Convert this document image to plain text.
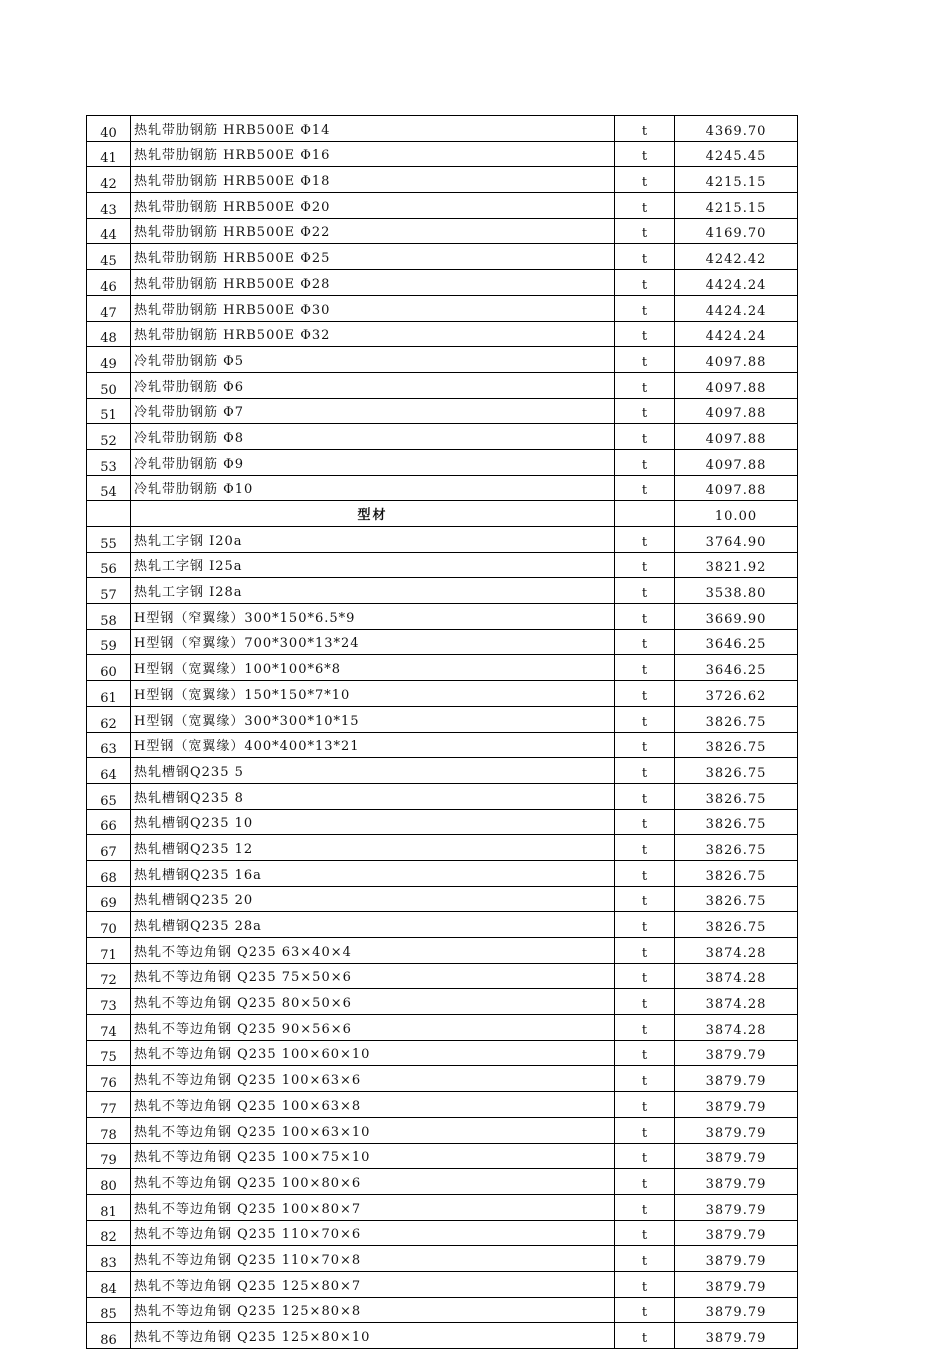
40	热轧带肋钢筋 HRB500E Φ14	t	4369.70
41	热轧带肋钢筋 HRB500E Φ16	t	4245.45
42	热轧带肋钢筋 HRB500E Φ18	t	4215.15
43	热轧带肋钢筋 HRB500E Φ20	t	4215.15
44	热轧带肋钢筋 HRB500E Φ22	t	4169.70
45	热轧带肋钢筋 HRB500E Φ25	t	4242.42
46	热轧带肋钢筋 HRB500E Φ28	t	4424.24
47	热轧带肋钢筋 HRB500E Φ30	t	4424.24
48	热轧带肋钢筋 HRB500E Φ32	t	4424.24
49	冷轧带肋钢筋 Φ5	t	4097.88
50	冷轧带肋钢筋 Φ6	t	4097.88
51	冷轧带肋钢筋 Φ7	t	4097.88
52	冷轧带肋钢筋 Φ8	t	4097.88
53	冷轧带肋钢筋 Φ9	t	4097.88
54	冷轧带肋钢筋 Φ10	t	4097.88
	型材		10.00
55	热轧工字钢 I20a	t	3764.90
56	热轧工字钢 I25a	t	3821.92
57	热轧工字钢 I28a	t	3538.80
58	H型钢（窄翼缘）300*150*6.5*9	t	3669.90
59	H型钢（窄翼缘）700*300*13*24	t	3646.25
60	H型钢（宽翼缘）100*100*6*8	t	3646.25
61	H型钢（宽翼缘）150*150*7*10	t	3726.62
62	H型钢（宽翼缘）300*300*10*15	t	3826.75
63	H型钢（宽翼缘）400*400*13*21	t	3826.75
64	热轧槽钢Q235 5	t	3826.75
65	热轧槽钢Q235 8	t	3826.75
66	热轧槽钢Q235 10	t	3826.75
67	热轧槽钢Q235 12	t	3826.75
68	热轧槽钢Q235 16a	t	3826.75
69	热轧槽钢Q235 20	t	3826.75
70	热轧槽钢Q235 28a	t	3826.75
71	热轧不等边角钢 Q235 63×40×4	t	3874.28
72	热轧不等边角钢 Q235 75×50×6	t	3874.28
73	热轧不等边角钢 Q235 80×50×6	t	3874.28
74	热轧不等边角钢 Q235 90×56×6	t	3874.28
75	热轧不等边角钢 Q235 100×60×10	t	3879.79
76	热轧不等边角钢 Q235 100×63×6	t	3879.79
77	热轧不等边角钢 Q235 100×63×8	t	3879.79
78	热轧不等边角钢 Q235 100×63×10	t	3879.79
79	热轧不等边角钢 Q235 100×75×10	t	3879.79
80	热轧不等边角钢 Q235 100×80×6	t	3879.79
81	热轧不等边角钢 Q235 100×80×7	t	3879.79
82	热轧不等边角钢 Q235 110×70×6	t	3879.79
83	热轧不等边角钢 Q235 110×70×8	t	3879.79
84	热轧不等边角钢 Q235 125×80×7	t	3879.79
85	热轧不等边角钢 Q235 125×80×8	t	3879.79
86	热轧不等边角钢 Q235 125×80×10	t	3879.79
